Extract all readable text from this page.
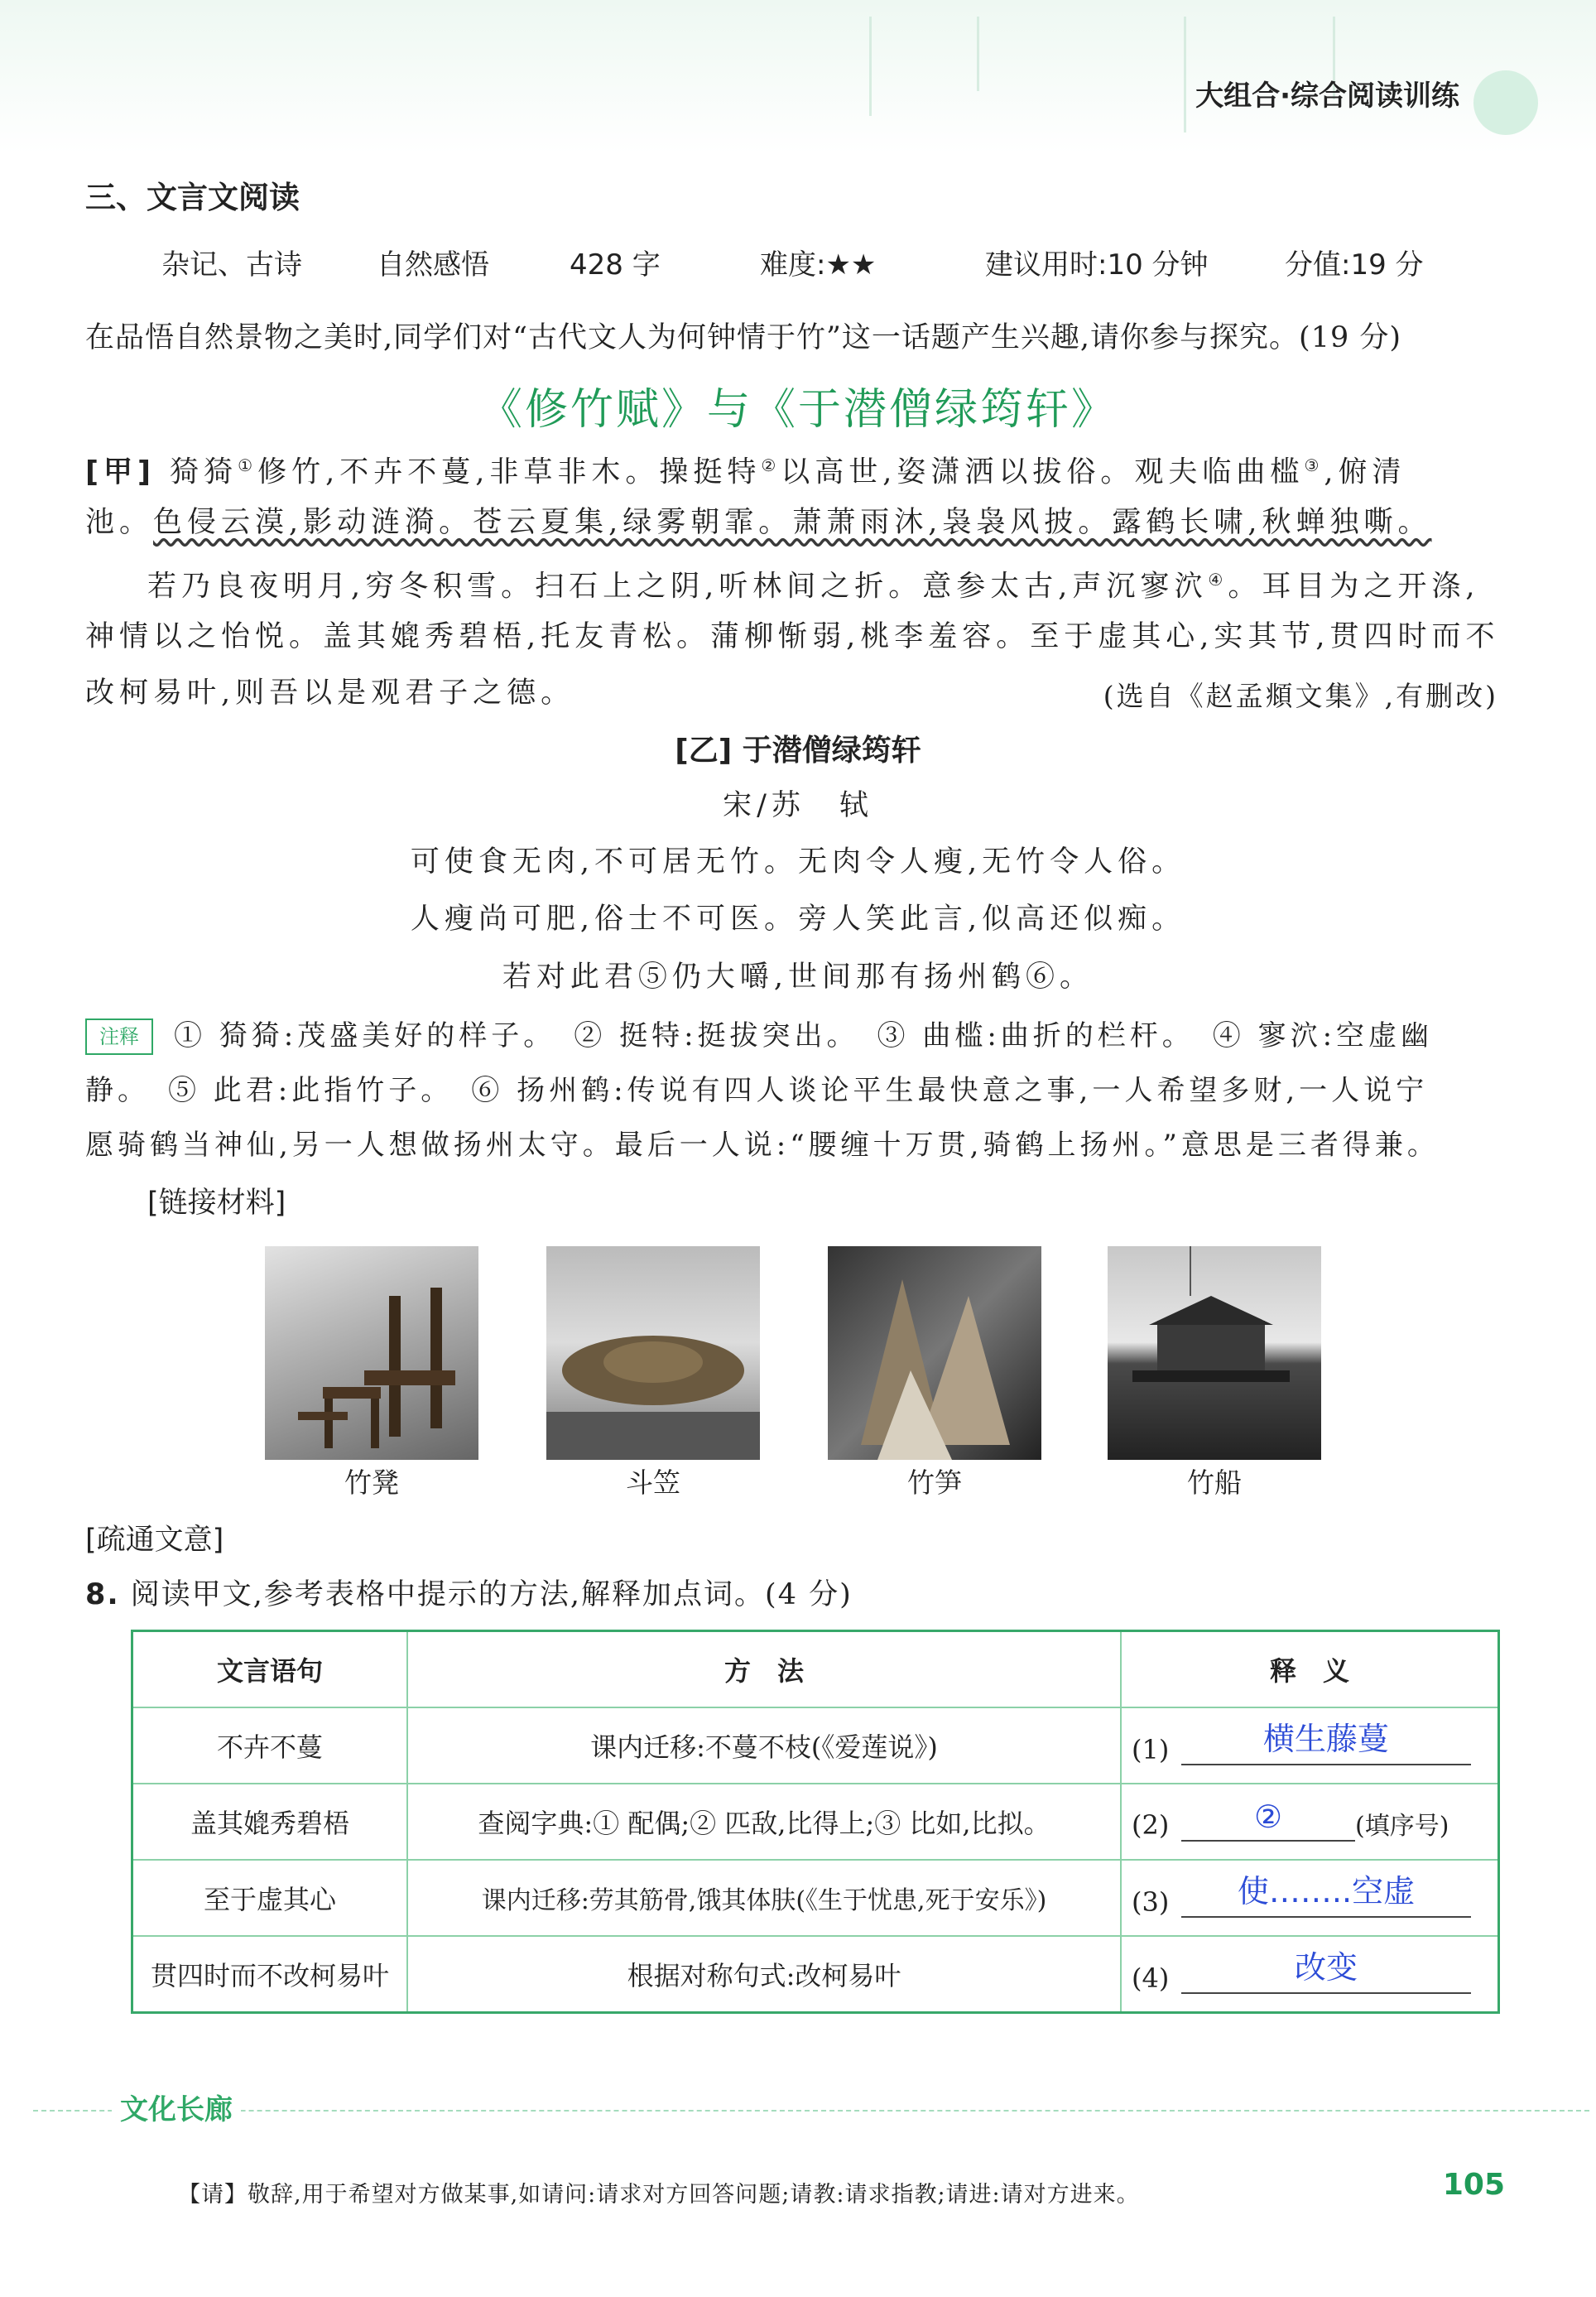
大组合·综合阅读训练
三、文言文阅读
杂记、古诗	自然感悟	428 字	难度:★★	建议用时:10 分钟	分值:19 分
在品悟自然景物之美时,同学们对“古代文人为何钟情于竹”这一话题产生兴趣,请你参与探究。(19 分)
《修竹赋》与《于潜僧绿筠轩》
[甲] 猗猗①修竹,不卉不蔓,非草非木。操挺特②以高世,姿潇洒以拔俗。观夫临曲槛③,俯清
池。色侵云漠,影动涟漪。苍云夏集,绿雾朝霏。萧萧雨沐,袅袅风披。露鹤长啸,秋蝉独嘶。
若乃良夜明月,穷冬积雪。扫石上之阴,听林间之折。意参太古,声沉寥泬④。耳目为之开涤,
神情以之怡悦。盖其媲秀碧梧,托友青松。蒲柳惭弱,桃李羞容。至于虚其心,实其节,贯四时而不
改柯易叶,则吾以是观君子之德。	(选自《赵孟頫文集》,有删改)
[乙] 于潜僧绿筠轩
宋/苏　轼
可使食无肉,不可居无竹。无肉令人瘦,无竹令人俗。
人瘦尚可肥,俗士不可医。旁人笑此言,似高还似痴。
若对此君⑤仍大嚼,世间那有扬州鹤⑥。
注释	① 猗猗:茂盛美好的样子。　② 挺特:挺拔突出。　③ 曲槛:曲折的栏杆。　④ 寥泬:空虚幽
静。　⑤ 此君:此指竹子。　⑥ 扬州鹤:传说有四人谈论平生最快意之事,一人希望多财,一人说宁
愿骑鹤当神仙,另一人想做扬州太守。最后一人说:“腰缠十万贯,骑鹤上扬州。”意思是三者得兼。
[链接材料]
竹凳	斗笠	竹笋	竹船
[疏通文意]
8. 阅读甲文,参考表格中提示的方法,解释加点词。(4 分)
文言语句	方　法	释　义
不卉不蔓	课内迁移:不蔓不枝(《爱莲说》)	(1) 横生藤蔓

盖其媲秀碧梧	查阅字典:① 配偶;② 匹敌,比得上;③ 比如,比拟。	(2) ② (填序号)
至于虚其心	课内迁移:劳其筋骨,饿其体肤(《生于忧患,死于安乐》)	(3) 使……..空虚

贯四时而不改柯易叶	根据对称句式:改柯易叶	(4) 改变
文化长廊
【请】敬辞,用于希望对方做某事,如请问:请求对方回答问题;请教:请求指教;请进:请对方进来。	105
